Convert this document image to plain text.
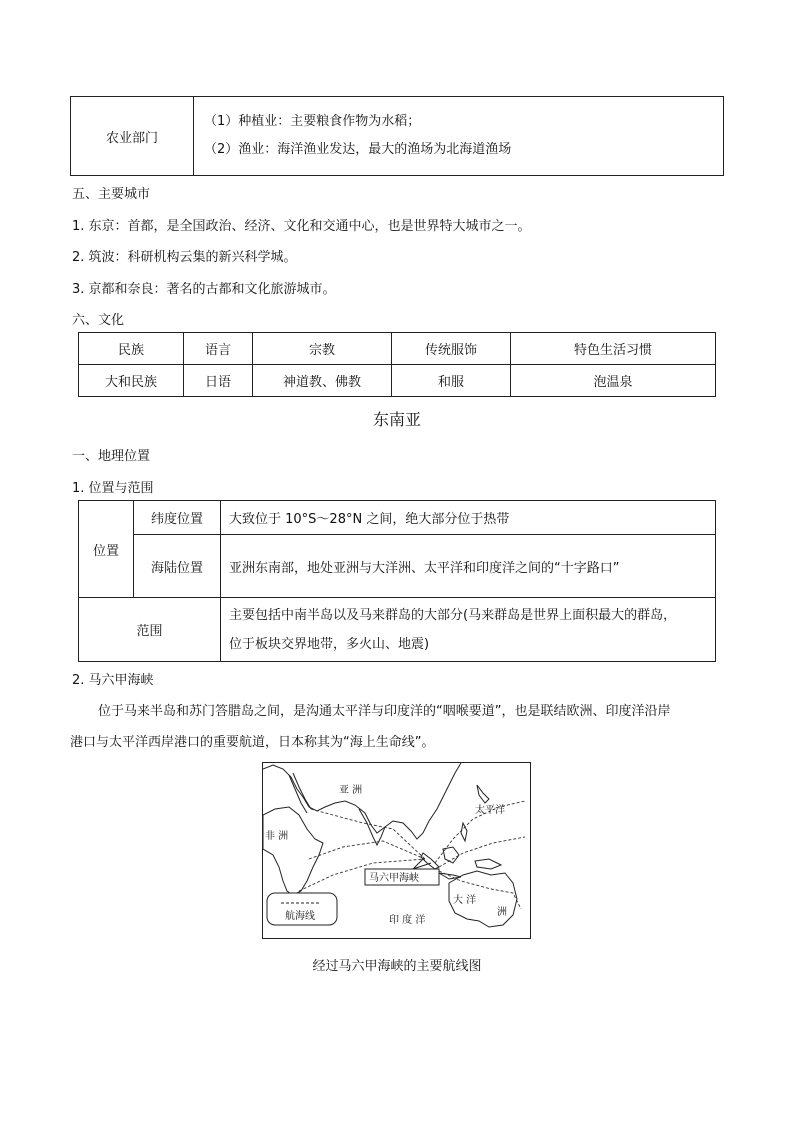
农业部门	
（1）种植业：主要粮食作物为水稻；
（2）渔业：海洋渔业发达，最大的渔场为北海道渔场
五、主要城市
1. 东京：首都，是全国政治、经济、文化和交通中心，也是世界特大城市之一。
2. 筑波：科研机构云集的新兴科学城。
3. 京都和奈良：著名的古都和文化旅游城市。
六、文化
民族	语言	宗教	传统服饰	特色生活习惯
大和民族	日语	神道教、佛教	和服	泡温泉
东南亚
一、地理位置
1. 位置与范围
位置	纬度位置	大致位于 10°S～28°N 之间，绝大部分位于热带
	海陆位置	亚洲东南部，地处亚洲与大洋洲、太平洋和印度洋之间的“十字路口”
范围		主要包括中南半岛以及马来群岛的大部分(马来群岛是世界上面积最大的群岛，
位于板块交界地带，多火山、地震)
2. 马六甲海峡
位于马来半岛和苏门答腊岛之间，是沟通太平洋与印度洋的“咽喉要道”，也是联结欧洲、印度洋沿岸
港口与太平洋西岸港口的重要航道，日本称其为“海上生命线”。
亚 洲
非 洲
太平洋
印 度 洋
大 洋
洲
马六甲海峡
航海线
经过马六甲海峡的主要航线图
